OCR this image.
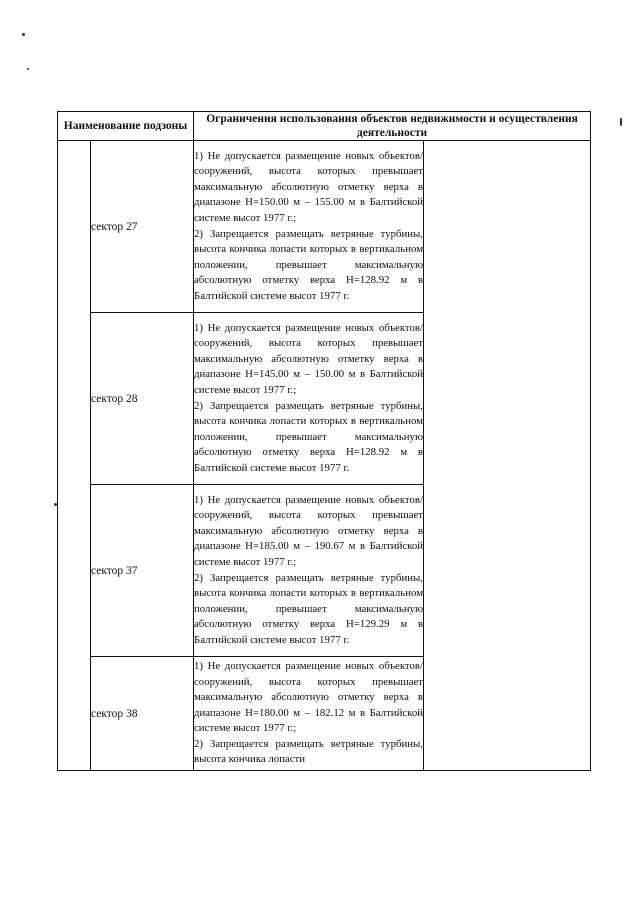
Наименование подзоны		Ограничения использования объектов недвижимости и осуществления деятельности	
	сектор 27	1) Не допускается размещение новых объектов/сооружений, высота которых превышает максимальную абсолютную отметку верха в диапазоне H=150.00 м – 155.00 м в Балтийской системе высот 1977 г.;

2) Запрещается размещать ветряные турбины, высота кончика лопасти которых в вертикальном положении, превышает максимальную абсолютную отметку верха H=128.92 м в Балтийской системе высот 1977 г.	

	сектор 28	1) Не допускается размещение новых объектов/сооружений, высота которых превышает максимальную абсолютную отметку верха в диапазоне H=145.00 м – 150.00 м в Балтийской системе высот 1977 г.;

2) Запрещается размещать ветряные турбины, высота кончика лопасти которых в вертикальном положении, превышает максимальную абсолютную отметку верха H=128.92 м в Балтийской системе высот 1977 г.	

	сектор 37	1) Не допускается размещение новых объектов/сооружений, высота которых превышает максимальную абсолютную отметку верха в диапазоне H=185.00 м – 190.67 м в Балтийской системе высот 1977 г.;

2) Запрещается размещать ветряные турбины, высота кончика лопасти которых в вертикальном положении, превышает максимальную абсолютную отметку верха H=129.29 м в Балтийской системе высот 1977 г.	

	сектор 38	1) Не допускается размещение новых объектов/сооружений, высота которых превышает максимальную абсолютную отметку верха в диапазоне H=180.00 м – 182.12 м в Балтийской системе высот 1977 г.;

2) Запрещается размещать ветряные турбины, высота кончика лопасти	
